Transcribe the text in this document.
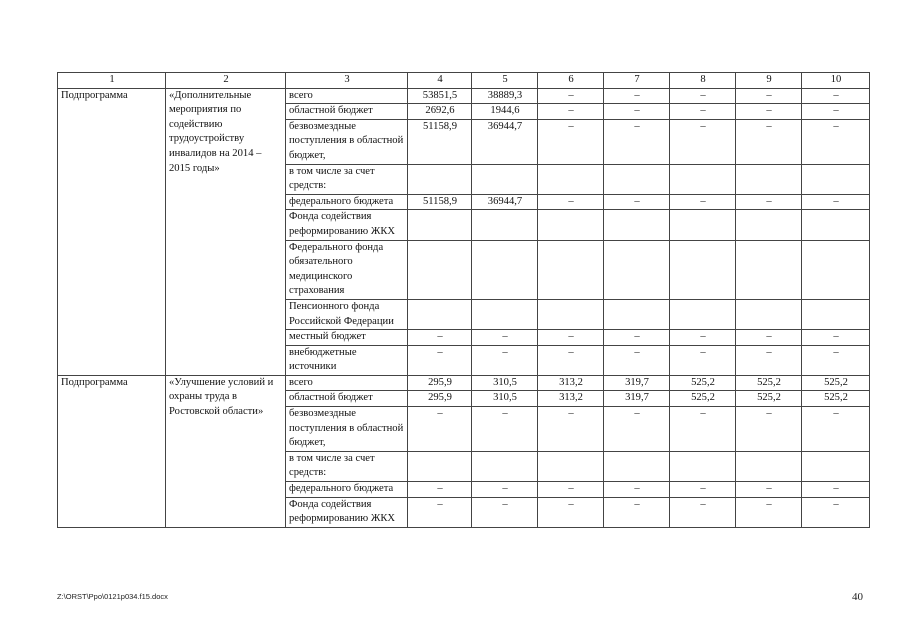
1	2	3	4	5	6	7	8	9	10
Подпрограмма	«Дополнительные мероприятия по содействию трудоустройству инвалидов на 2014 – 2015 годы»	всего	53851,5	38889,3	–	–	–	–	–
		областной бюджет	2692,6	1944,6	–	–	–	–	–
		безвозмездные поступления в областной бюджет,	51158,9	36944,7	–	–	–	–	–
		в том числе за счет средств:							
		федерального бюджета	51158,9	36944,7	–	–	–	–	–
		Фонда содействия реформированию ЖКХ							
		Федерального фонда обязательного медицинского страхования							
		Пенсионного фонда Российской Федерации							
		местный бюджет	–	–	–	–	–	–	–
		внебюджетные источники	–	–	–	–	–	–	–
Подпрограмма	«Улучшение условий и охраны труда в Ростовской области»	всего	295,9	310,5	313,2	319,7	525,2	525,2	525,2
		областной бюджет	295,9	310,5	313,2	319,7	525,2	525,2	525,2
		безвозмездные поступления в областной бюджет,	–	–	–	–	–	–	–
		в том числе за счет средств:							
		федерального бюджета	–	–	–	–	–	–	–
		Фонда содействия реформированию ЖКХ	–	–	–	–	–	–	–
Z:\ORST\Ppo\0121p034.f15.docx	40
